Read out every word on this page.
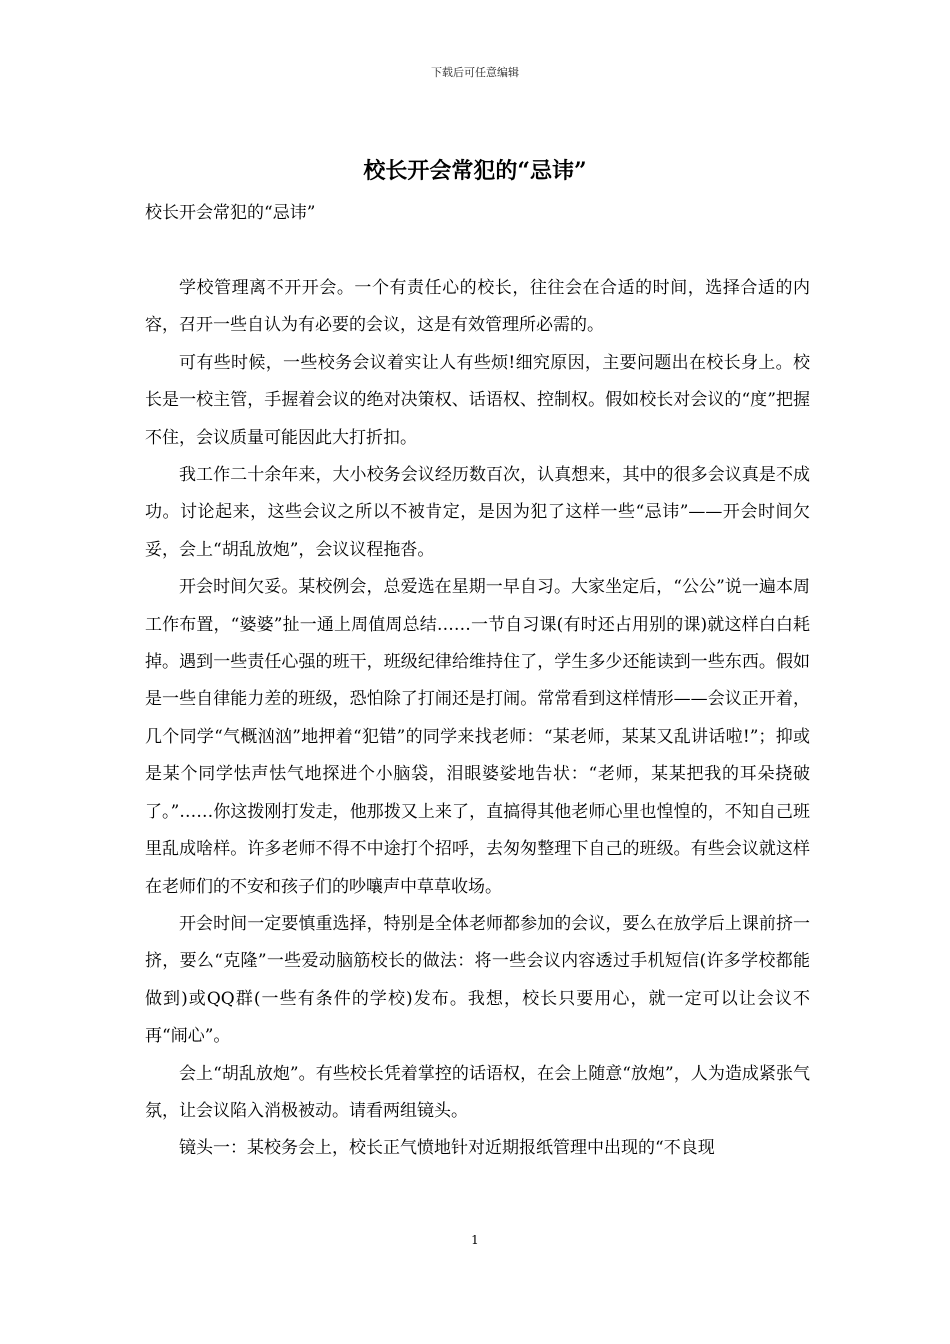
下载后可任意编辑
校长开会常犯的“忌讳”
校长开会常犯的“忌讳”

学校管理离不开开会。一个有责任心的校长，往往会在合适的时间，选择合适的内容，召开一些自认为有必要的会议，这是有效管理所必需的。

可有些时候，一些校务会议着实让人有些烦!细究原因，主要问题出在校长身上。校长是一校主管，手握着会议的绝对决策权、话语权、控制权。假如校长对会议的“度”把握不住，会议质量可能因此大打折扣。

我工作二十余年来，大小校务会议经历数百次，认真想来，其中的很多会议真是不成功。讨论起来，这些会议之所以不被肯定，是因为犯了这样一些“忌讳”——开会时间欠妥，会上“胡乱放炮”，会议议程拖沓。

开会时间欠妥。某校例会，总爱选在星期一早自习。大家坐定后，“公公”说一遍本周工作布置，“婆婆”扯一通上周值周总结……一节自习课(有时还占用别的课)就这样白白耗掉。遇到一些责任心强的班干，班级纪律给维持住了，学生多少还能读到一些东西。假如是一些自律能力差的班级，恐怕除了打闹还是打闹。常常看到这样情形——会议正开着，几个同学“气概汹汹”地押着“犯错”的同学来找老师：“某老师，某某又乱讲话啦!”；抑或是某个同学怯声怯气地探进个小脑袋，泪眼婆娑地告状：“老师，某某把我的耳朵挠破了。”……你这拨刚打发走，他那拨又上来了，直搞得其他老师心里也惶惶的，不知自己班里乱成啥样。许多老师不得不中途打个招呼，去匆匆整理下自己的班级。有些会议就这样在老师们的不安和孩子们的吵嚷声中草草收场。

开会时间一定要慎重选择，特别是全体老师都参加的会议，要么在放学后上课前挤一挤，要么“克隆”一些爱动脑筋校长的做法：将一些会议内容透过手机短信(许多学校都能做到)或QQ群(一些有条件的学校)发布。我想，校长只要用心，就一定可以让会议不再“闹心”。

会上“胡乱放炮”。有些校长凭着掌控的话语权，在会上随意“放炮”，人为造成紧张气氛，让会议陷入消极被动。请看两组镜头。

镜头一：某校务会上，校长正气愤地针对近期报纸管理中出现的“不良现

1
